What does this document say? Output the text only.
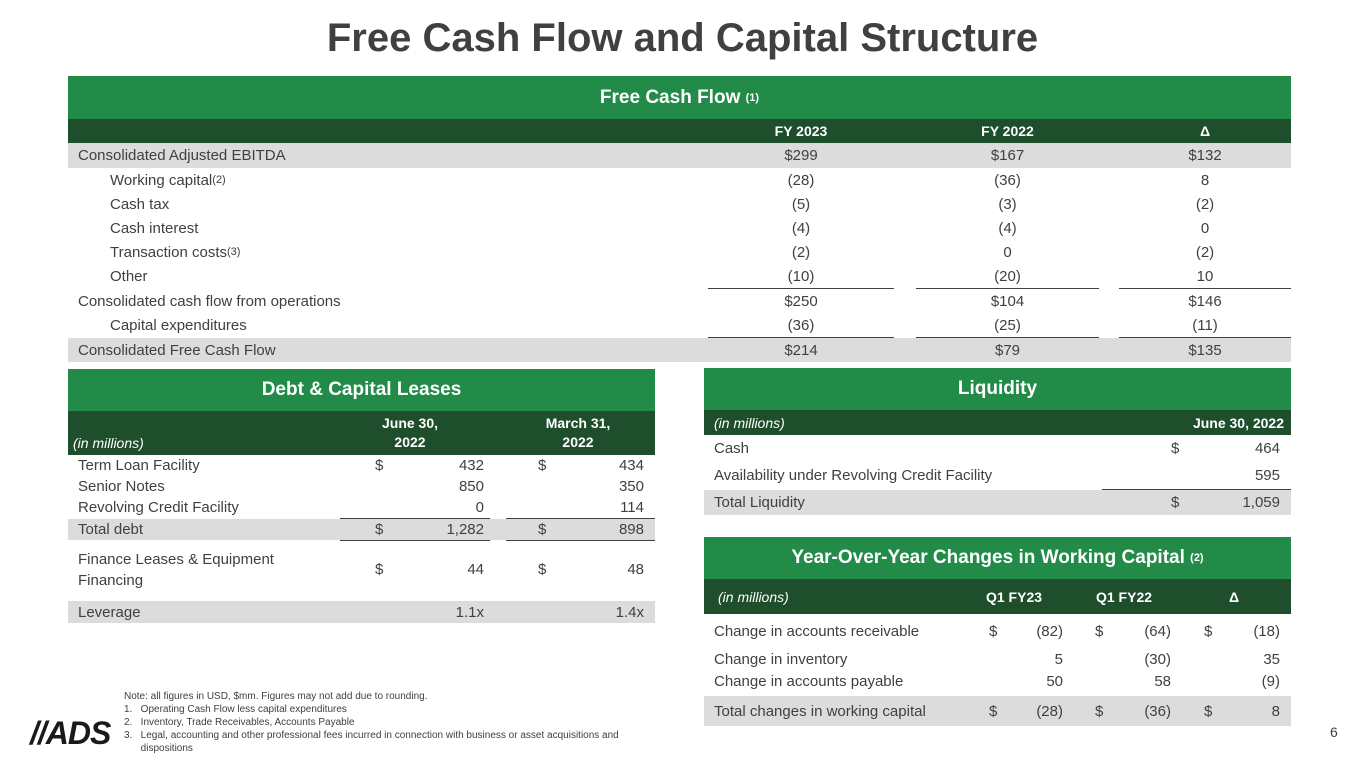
Free Cash Flow and Capital Structure
Free Cash Flow
(1)
FY 2023	FY 2022	Δ
Consolidated Adjusted EBITDA	$299	$167	$132
Working capital (2)	(28)	(36)	8
Cash tax	(5)	(3)	(2)
Cash interest	(4)	(4)	0
Transaction costs (3)	(2)	0	(2)
Other	(10)	(20)	10
Consolidated cash flow from operations	$250	$104	$146
Capital expenditures	(36)	(25)	(11)
Consolidated Free Cash Flow	$214	$79	$135
Debt & Capital Leases
(in millions)
June 30,
2022
March 31,
2022
Term Loan Facility	$	432	$	434
Senior Notes	850	350
Revolving Credit Facility	0	114
Total debt	$	1,282	$	898
Finance Leases & Equipment
Financing
$	44	$	48
Leverage	1.1x	1.4x
Liquidity
(in millions)	June 30, 2022
Cash	$	464
Availability under Revolving Credit Facility	595
Total Liquidity	$	1,059
Year-Over-Year Changes in Working Capital
(2)
(in millions)	Q1 FY23	Q1 FY22	Δ
Change in accounts receivable	$	(82) $	(64) $	(18)
Change in inventory	5	(30)	35
Change in accounts payable	50	58	(9)
Total changes in working capital	$	(28) $	(36) $	8
Note: all figures in USD, $mm. Figures may not add due to rounding.
1.   Operating Cash Flow less capital expenditures
2.   Inventory, Trade Receivables, Accounts Payable
3.   Legal, accounting and other professional fees incurred in connection with business or asset acquisitions and
dispositions
//ADS	6
